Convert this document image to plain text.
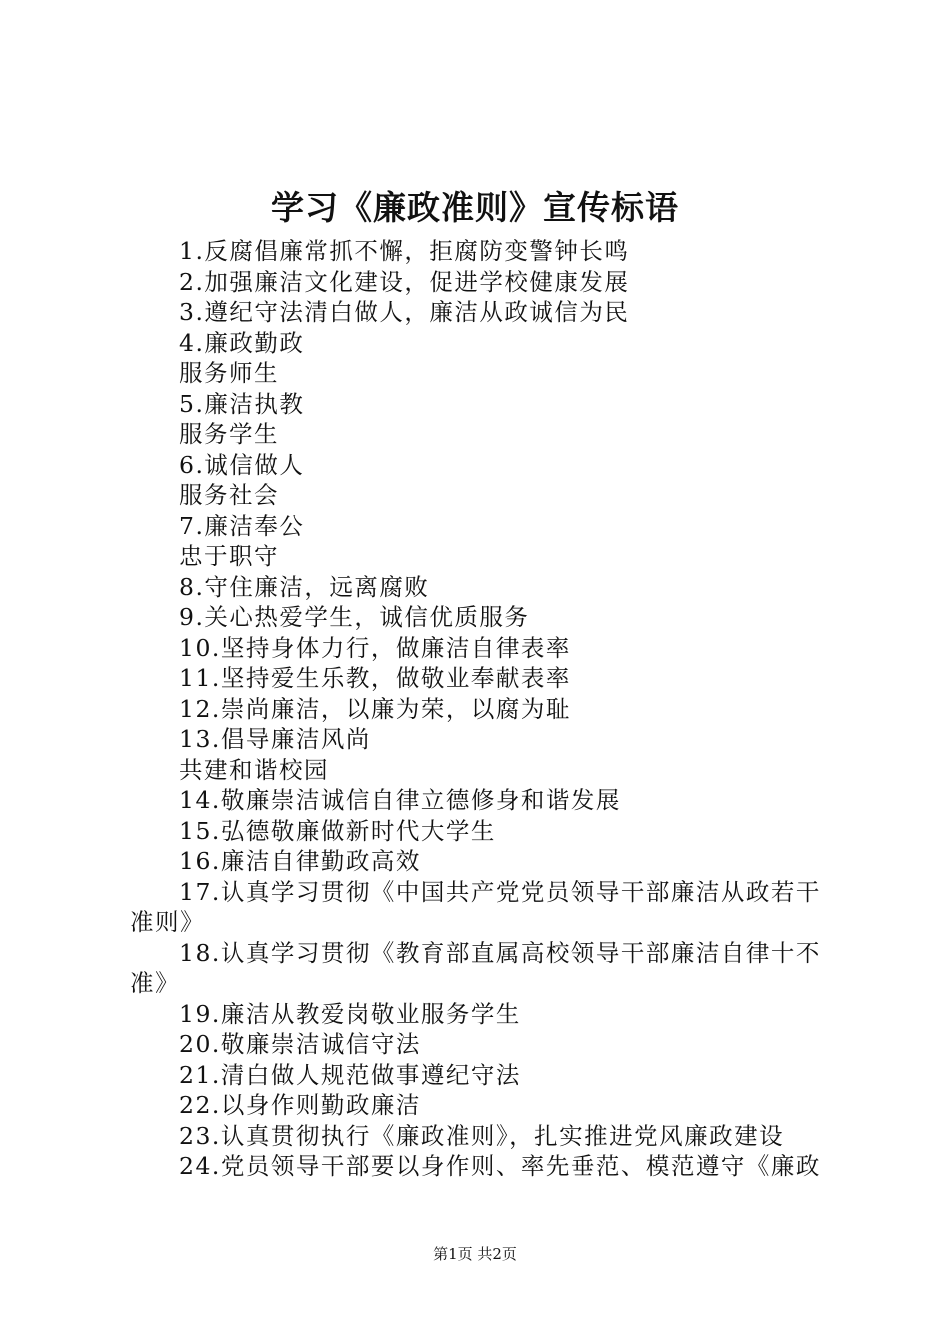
学习《廉政准则》宣传标语
1.反腐倡廉常抓不懈，拒腐防变警钟长鸣
2.加强廉洁文化建设，促进学校健康发展
3.遵纪守法清白做人，廉洁从政诚信为民
4.廉政勤政
服务师生
5.廉洁执教
服务学生
6.诚信做人
服务社会
7.廉洁奉公
忠于职守
8.守住廉洁，远离腐败
9.关心热爱学生，诚信优质服务
10.坚持身体力行，做廉洁自律表率
11.坚持爱生乐教，做敬业奉献表率
12.崇尚廉洁，以廉为荣，以腐为耻
13.倡导廉洁风尚
共建和谐校园
14.敬廉崇洁诚信自律立德修身和谐发展
15.弘德敬廉做新时代大学生
16.廉洁自律勤政高效
17.认真学习贯彻《中国共产党党员领导干部廉洁从政若干
准则》
18.认真学习贯彻《教育部直属高校领导干部廉洁自律十不
准》
19.廉洁从教爱岗敬业服务学生
20.敬廉崇洁诚信守法
21.清白做人规范做事遵纪守法
22.以身作则勤政廉洁
23.认真贯彻执行《廉政准则》，扎实推进党风廉政建设
24.党员领导干部要以身作则、率先垂范、模范遵守《廉政
第1页 共2页
